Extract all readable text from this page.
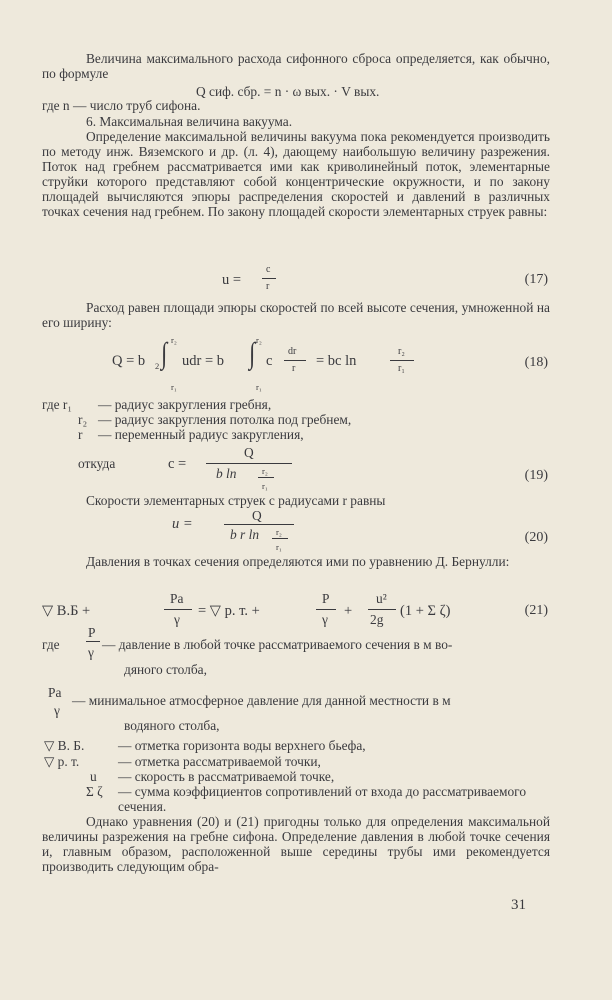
Величина максимального расхода сифонного сброса определяется, как обычно, по формуле
Q сиф. сбр. = n · ω вых. · V вых.
где n — число труб сифона.
6. Максимальная величина вакуума.
Определение максимальной величины вакуума пока рекомендуется производить по методу инж. Вяземского и др. (л. 4), дающему наибольшую величину разрежения. Поток над гребнем рассматривается ими как криволинейный поток, элементарные струйки которого представляют собой концентрические окружности, и по закону площадей вычисляются эпюры распределения скоростей и давлений в различных точках сечения над гребнем. По закону площадей скорости элементарных струек равны:
u =
c
r	(17)
Расход равен площади эпюры скоростей по всей высоте сечения, умноженной на его ширину:
Q = b 2 ∫ r₂
r₁
udr = b ∫ r₂
r₁
c
dr
r = bc ln
r₂
r₁	(18)
где r₁ — радиус закругления гребня,
r₂ — радиус закругления потолка под гребнем,
r — переменный радиус закругления,
откуда	c =
Q
b ln	r₂
r₁
(19)
Скорости элементарных струек с радиусами r равны
u =
Q
b r ln r₂
r₁
(20)
Давления в точках сечения определяются ими по уравнению Д. Бернулли:
▽ В.Б +
Pa
γ
= ▽ р. т. +
P
γ
+
u²
2g
(1 + Σ ζ)	(21)
где
P
γ
— давление в любой точке рассматриваемого сечения в м во-
дяного столба,
Pa
γ
— минимальное атмосферное давление для данной местности в м
водяного столба,
▽ В. Б.	— отметка горизонта воды верхнего бьефа,
▽ р. т.	— отметка рассматриваемой точки,
u — скорость в рассматриваемой точке,
Σ ζ — сумма коэффициентов сопротивлений от входа до рассматриваемого сечения.
Однако уравнения (20) и (21) пригодны только для определения максимальной величины разрежения на гребне сифона. Определение давления в любой точке сечения и, главным образом, расположенной выше середины трубы ими рекомендуется производить следующим обра-
31
